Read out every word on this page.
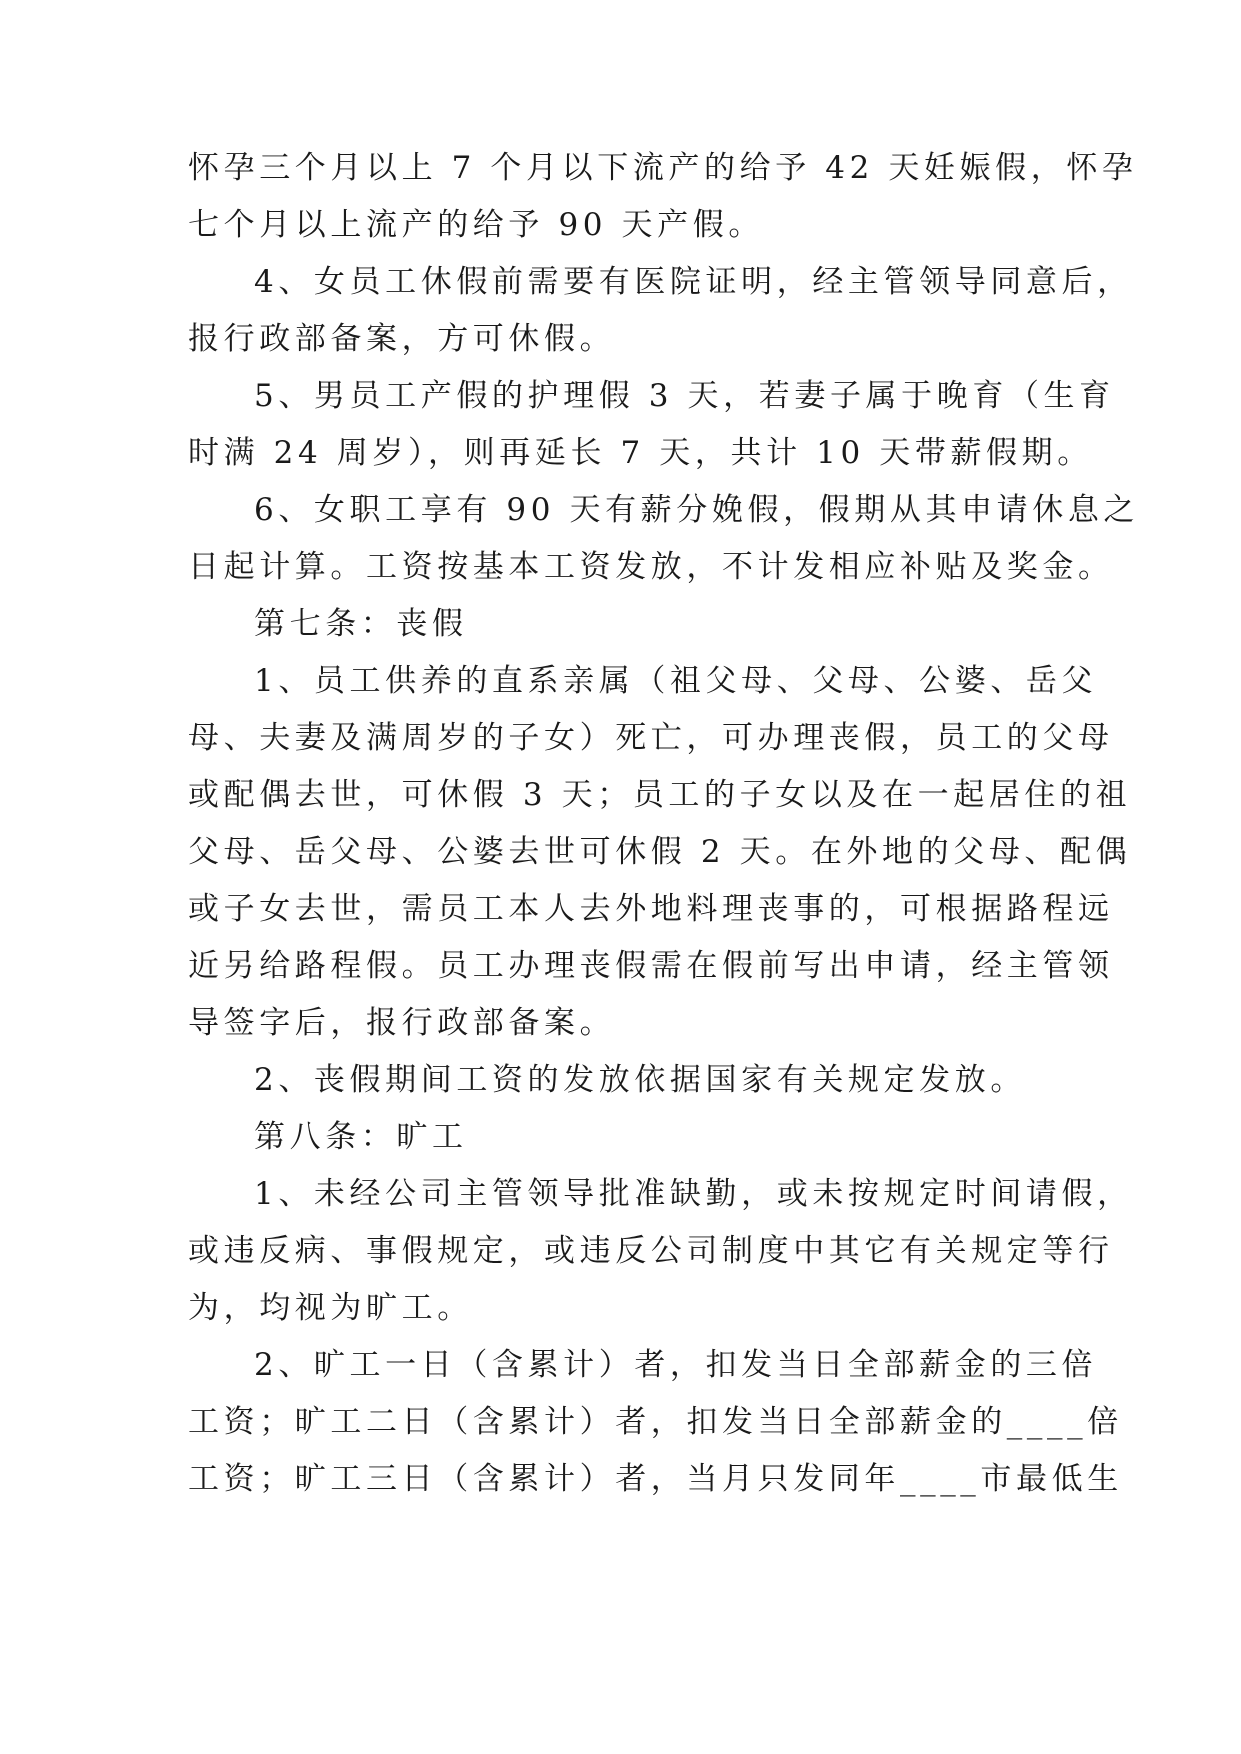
怀孕三个月以上 7 个月以下流产的给予 42 天妊娠假，怀孕
七个月以上流产的给予 90 天产假。
4、女员工休假前需要有医院证明，经主管领导同意后，
报行政部备案，方可休假。
5、男员工产假的护理假 3 天，若妻子属于晚育（生育
时满 24 周岁），则再延长 7 天，共计 10 天带薪假期。
6、女职工享有 90 天有薪分娩假，假期从其申请休息之
日起计算。工资按基本工资发放，不计发相应补贴及奖金。
第七条：丧假
1、员工供养的直系亲属（祖父母、父母、公婆、岳父
母、夫妻及满周岁的子女）死亡，可办理丧假，员工的父母
或配偶去世，可休假 3 天；员工的子女以及在一起居住的祖
父母、岳父母、公婆去世可休假 2 天。在外地的父母、配偶
或子女去世，需员工本人去外地料理丧事的，可根据路程远
近另给路程假。员工办理丧假需在假前写出申请，经主管领
导签字后，报行政部备案。
2、丧假期间工资的发放依据国家有关规定发放。
第八条：旷工
1、未经公司主管领导批准缺勤，或未按规定时间请假，
或违反病、事假规定，或违反公司制度中其它有关规定等行
为，均视为旷工。
2、旷工一日（含累计）者，扣发当日全部薪金的三倍
工资；旷工二日（含累计）者，扣发当日全部薪金的____倍
工资；旷工三日（含累计）者，当月只发同年____市最低生
